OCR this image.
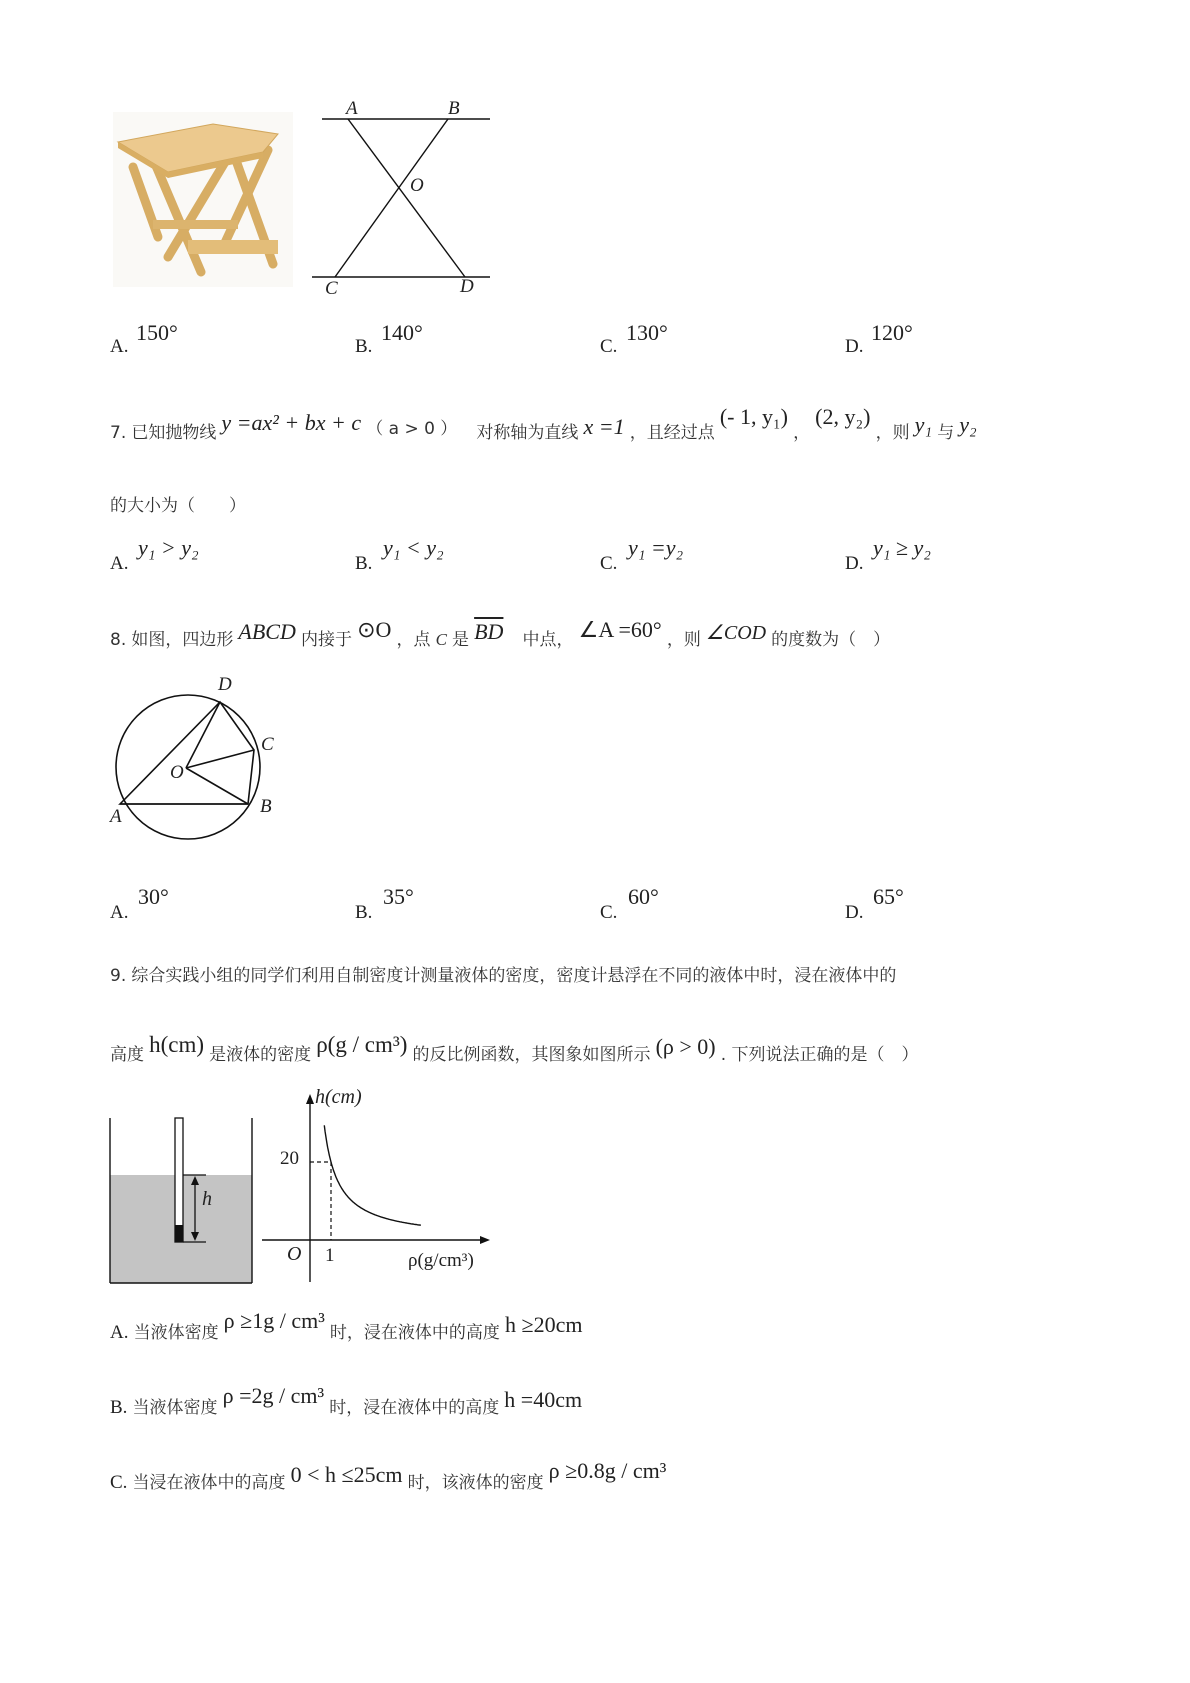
A	B
O
C	D
A.
150°
B.
140°
C.
130°
D.
120°
7. 已知抛物线 y =ax² + bx + c （ a > 0 ） 对称轴为直线 x =1 ，且经过点 (- 1, y₁) ， (2, y₂) ，则 y₁ 与 y₂
的大小为（　　）
A.
y₁ > y₂
B.
y₁ < y₂
C.
y₁ =y₂
D.
y₁ ≥ y₂
8. 如图，四边形 ABCD 内接于 ⊙O ，点 C 是 $\overline{BD}$ 中点， ∠A =60° ，则 ∠COD 的度数为（　）
D
C
O
A	B
A.
30°
B.
35°
C.
60°
D.
65°
9. 综合实践小组的同学们利用自制密度计测量液体的密度，密度计悬浮在不同的液体中时，浸在液体中的
高度 h(cm) 是液体的密度 ρ(g / cm³) 的反比例函数，其图象如图所示 (ρ > 0) . 下列说法正确的是（　）
h
h(cm)
20
O 1	ρ(g/cm³)
A. 当液体密度 ρ ≥1g / cm³ 时，浸在液体中的高度 h ≥20cm
B. 当液体密度 ρ =2g / cm³ 时，浸在液体中的高度 h =40cm
C. 当浸在液体中的高度 0 < h ≤25cm 时，该液体的密度 ρ ≥0.8g / cm³
